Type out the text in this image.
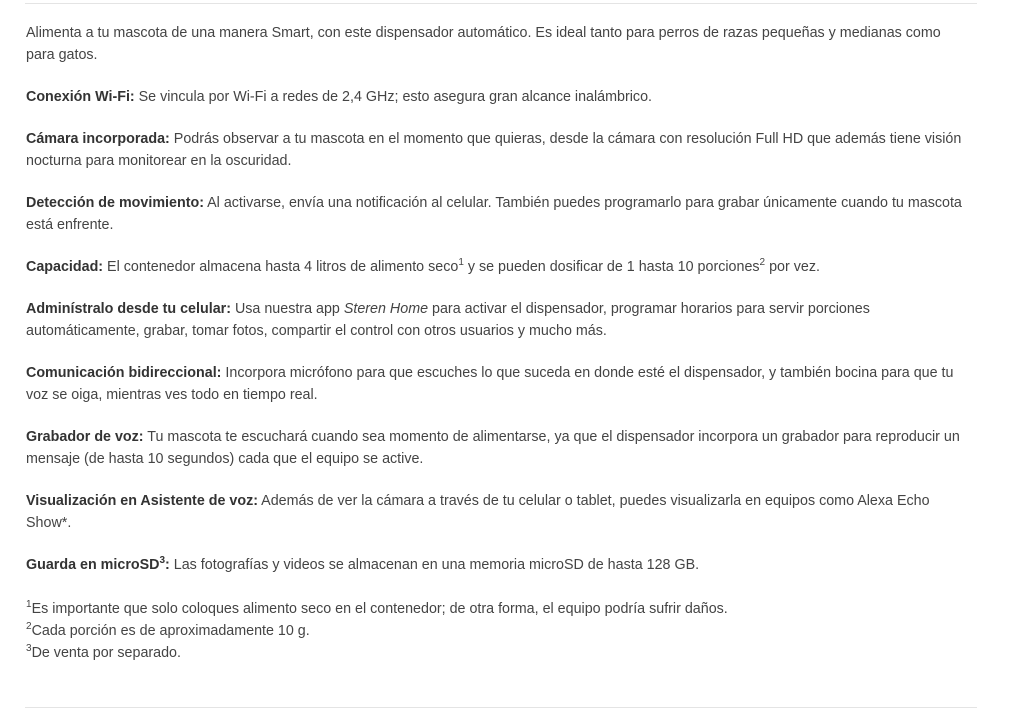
Alimenta a tu mascota de una manera Smart, con este dispensador automático. Es ideal tanto para perros de razas pequeñas y medianas como para gatos.

Conexión Wi-Fi: Se vincula por Wi-Fi a redes de 2,4 GHz; esto asegura gran alcance inalámbrico.

Cámara incorporada: Podrás observar a tu mascota en el momento que quieras, desde la cámara con resolución Full HD que además tiene visión nocturna para monitorear en la oscuridad.

Detección de movimiento: Al activarse, envía una notificación al celular. También puedes programarlo para grabar únicamente cuando tu mascota está enfrente.

Capacidad: El contenedor almacena hasta 4 litros de alimento seco$^1$ y se pueden dosificar de 1 hasta 10 porciones$^2$ por vez.

Adminístralo desde tu celular: Usa nuestra app Steren Home para activar el dispensador, programar horarios para servir porciones automáticamente, grabar, tomar fotos, compartir el control con otros usuarios y mucho más.

Comunicación bidireccional: Incorpora micrófono para que escuches lo que suceda en donde esté el dispensador, y también bocina para que tu voz se oiga, mientras ves todo en tiempo real.

Grabador de voz: Tu mascota te escuchará cuando sea momento de alimentarse, ya que el dispensador incorpora un grabador para reproducir un mensaje (de hasta 10 segundos) cada que el equipo se active.

Visualización en Asistente de voz: Además de ver la cámara a través de tu celular o tablet, puedes visualizarla en equipos como Alexa Echo Show*.

Guarda en microSD$^3$: Las fotografías y videos se almacenan en una memoria microSD de hasta 128 GB.

$^1$Es importante que solo coloques alimento seco en el contenedor; de otra forma, el equipo podría sufrir daños.
$^2$Cada porción es de aproximadamente 10 g.
$^3$De venta por separado.
